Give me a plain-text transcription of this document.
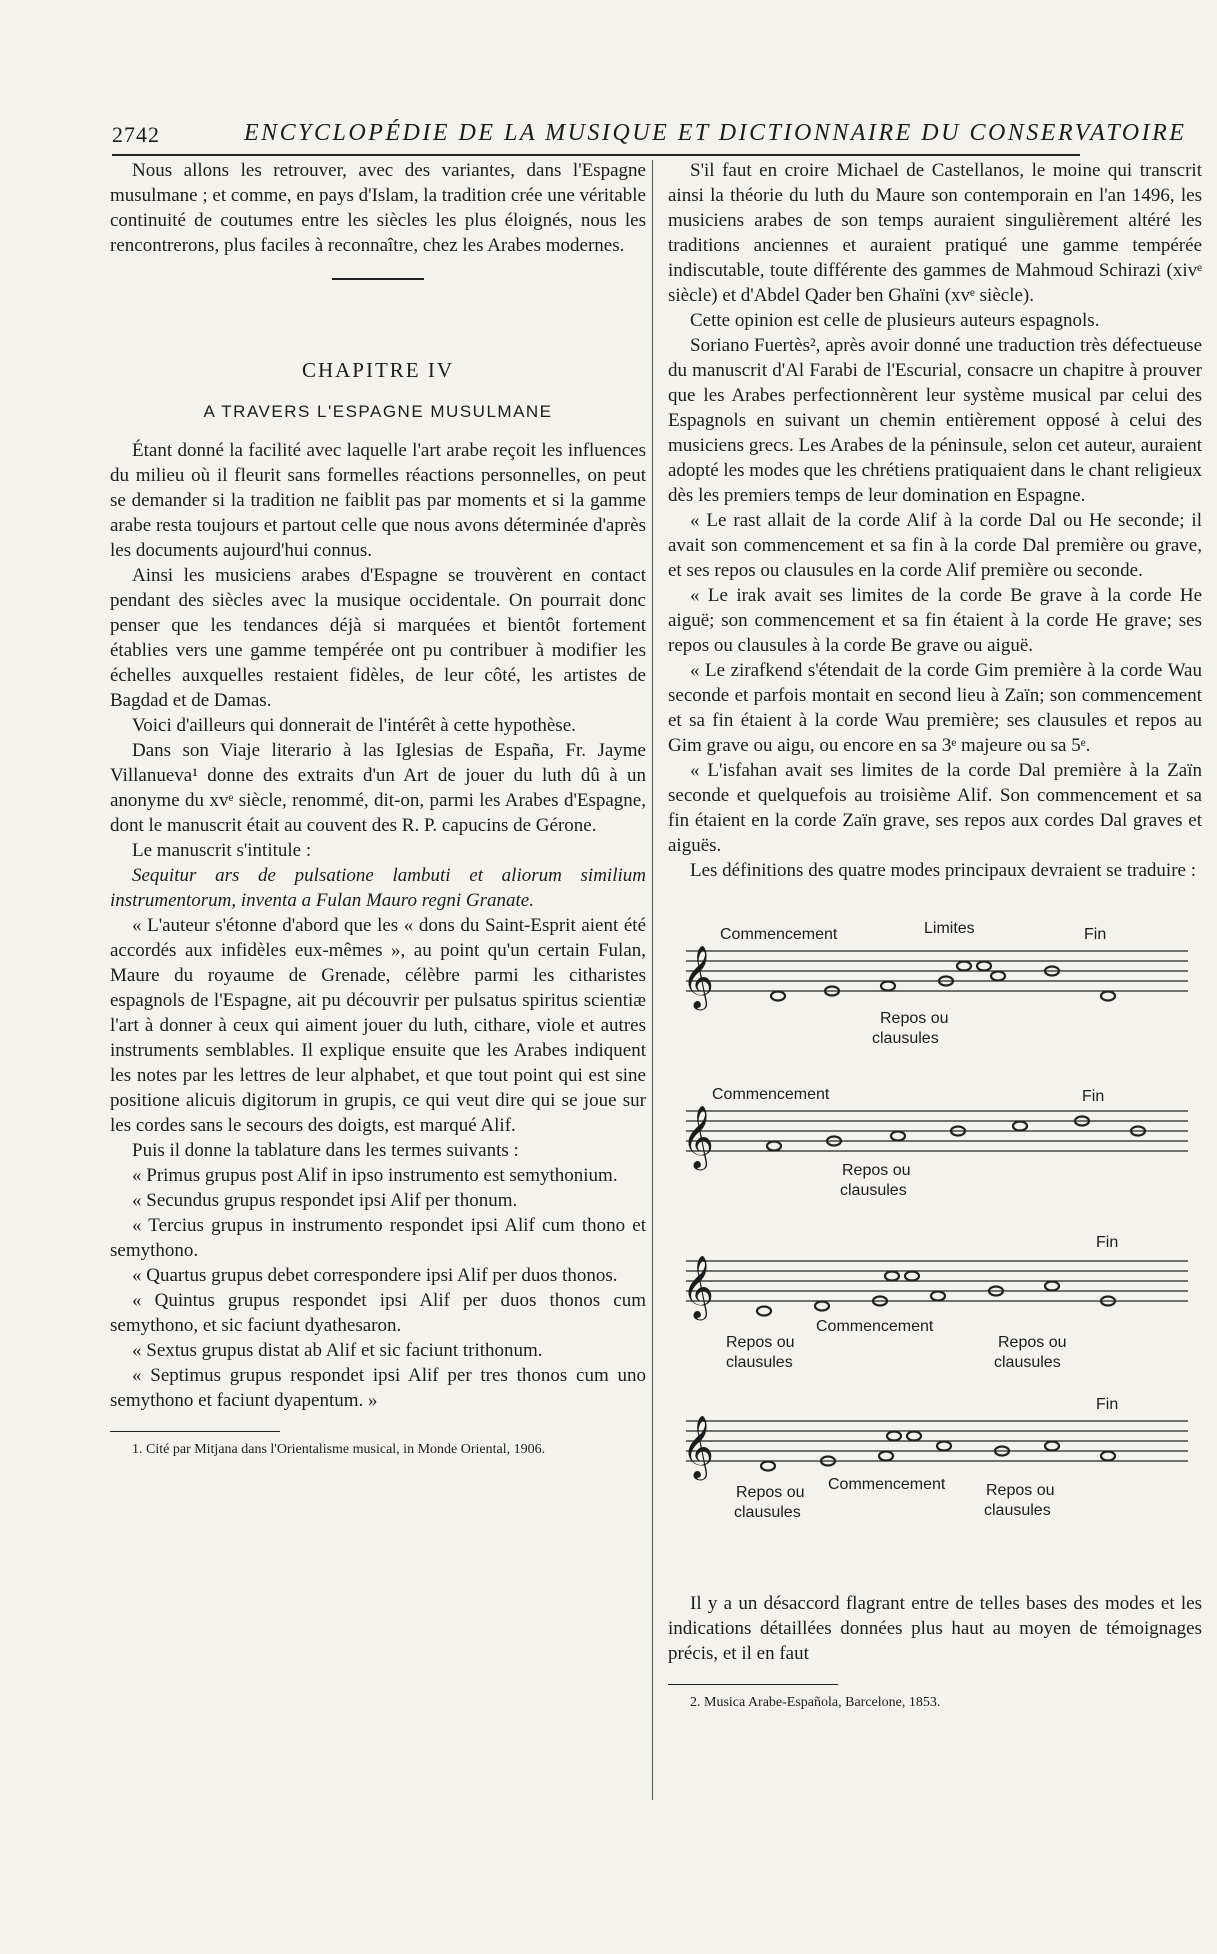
2742	ENCYCLOPÉDIE DE LA MUSIQUE ET DICTIONNAIRE DU CONSERVATOIRE

Nous allons les retrouver, avec des variantes, dans l'Espagne musulmane ; et comme, en pays d'Islam, la tradition crée une véritable continuité de coutumes entre les siècles les plus éloignés, nous les rencontrerons, plus faciles à reconnaître, chez les Arabes modernes.

CHAPITRE IV
A TRAVERS L'ESPAGNE MUSULMANE

Étant donné la facilité avec laquelle l'art arabe reçoit les influences du milieu où il fleurit sans formelles réactions personnelles, on peut se demander si la tradition ne faiblit pas par moments et si la gamme arabe resta toujours et partout celle que nous avons déterminée d'après les documents aujourd'hui connus.

Ainsi les musiciens arabes d'Espagne se trouvèrent en contact pendant des siècles avec la musique occidentale. On pourrait donc penser que les tendances déjà si marquées et bientôt fortement établies vers une gamme tempérée ont pu contribuer à modifier les échelles auxquelles restaient fidèles, de leur côté, les artistes de Bagdad et de Damas.

Voici d'ailleurs qui donnerait de l'intérêt à cette hypothèse.

Dans son Viaje literario à las Iglesias de España, Fr. Jayme Villanueva¹ donne des extraits d'un Art de jouer du luth dû à un anonyme du xvᵉ siècle, renommé, dit-on, parmi les Arabes d'Espagne, dont le manuscrit était au couvent des R. P. capucins de Gérone.

Le manuscrit s'intitule :

Sequitur ars de pulsatione lambuti et aliorum similium instrumentorum, inventa a Fulan Mauro regni Granate.

« L'auteur s'étonne d'abord que les « dons du Saint-Esprit aient été accordés aux infidèles eux-mêmes », au point qu'un certain Fulan, Maure du royaume de Grenade, célèbre parmi les citharistes espagnols de l'Espagne, ait pu découvrir per pulsatus spiritus scientiæ l'art à donner à ceux qui aiment jouer du luth, cithare, viole et autres instruments semblables. Il explique ensuite que les Arabes indiquent les notes par les lettres de leur alphabet, et que tout point qui est sine positione alicuis digitorum in grupis, ce qui veut dire qui se joue sur les cordes sans le secours des doigts, est marqué Alif.

Puis il donne la tablature dans les termes suivants :

« Primus grupus post Alif in ipso instrumento est semythonium.

« Secundus grupus respondet ipsi Alif per thonum.

« Tercius grupus in instrumento respondet ipsi Alif cum thono et semythono.

« Quartus grupus debet correspondere ipsi Alif per duos thonos.

« Quintus grupus respondet ipsi Alif per duos thonos cum semythono, et sic faciunt dyathesaron.

« Sextus grupus distat ab Alif et sic faciunt trithonum.

« Septimus grupus respondet ipsi Alif per tres thonos cum uno semythono et faciunt dyapentum. »

1. Cité par Mitjana dans l'Orientalisme musical, in Monde Oriental, 1906.

S'il faut en croire Michael de Castellanos, le moine qui transcrit ainsi la théorie du luth du Maure son contemporain en l'an 1496, les musiciens arabes de son temps auraient singulièrement altéré les traditions anciennes et auraient pratiqué une gamme tempérée indiscutable, toute différente des gammes de Mahmoud Schirazi (xivᵉ siècle) et d'Abdel Qader ben Ghaïni (xvᵉ siècle).

Cette opinion est celle de plusieurs auteurs espagnols.

Soriano Fuertès², après avoir donné une traduction très défectueuse du manuscrit d'Al Farabi de l'Escurial, consacre un chapitre à prouver que les Arabes perfectionnèrent leur système musical par celui des Espagnols en suivant un chemin entièrement opposé à celui des musiciens grecs. Les Arabes de la péninsule, selon cet auteur, auraient adopté les modes que les chrétiens pratiquaient dans le chant religieux dès les premiers temps de leur domination en Espagne.

« Le rast allait de la corde Alif à la corde Dal ou He seconde; il avait son commencement et sa fin à la corde Dal première ou grave, et ses repos ou clausules en la corde Alif première ou seconde.

« Le irak avait ses limites de la corde Be grave à la corde He aiguë; son commencement et sa fin étaient à la corde He grave; ses repos ou clausules à la corde Be grave ou aiguë.

« Le zirafkend s'étendait de la corde Gim première à la corde Wau seconde et parfois montait en second lieu à Zaïn; son commencement et sa fin étaient à la corde Wau première; ses clausules et repos au Gim grave ou aigu, ou encore en sa 3ᵉ majeure ou sa 5ᵉ.

« L'isfahan avait ses limites de la corde Dal première à la Zaïn seconde et quelquefois au troisième Alif. Son commencement et sa fin étaient en la corde Zaïn grave, ses repos aux cordes Dal graves et aiguës.

Les définitions des quatre modes principaux devraient se traduire :

𝄞
Commencement	Limites	Fin
Repos ou
clausules
𝄞
Commencement	Fin
Repos ou
clausules
𝄞
Fin
Commencement
Repos ou
clausules
Repos ou
clausules
𝄞
Fin
Commencement
Repos ou
clausules
Repos ou
clausules

Il y a un désaccord flagrant entre de telles bases des modes et les indications détaillées données plus haut au moyen de témoignages précis, et il en faut

2. Musica Arabe-Española, Barcelone, 1853.
